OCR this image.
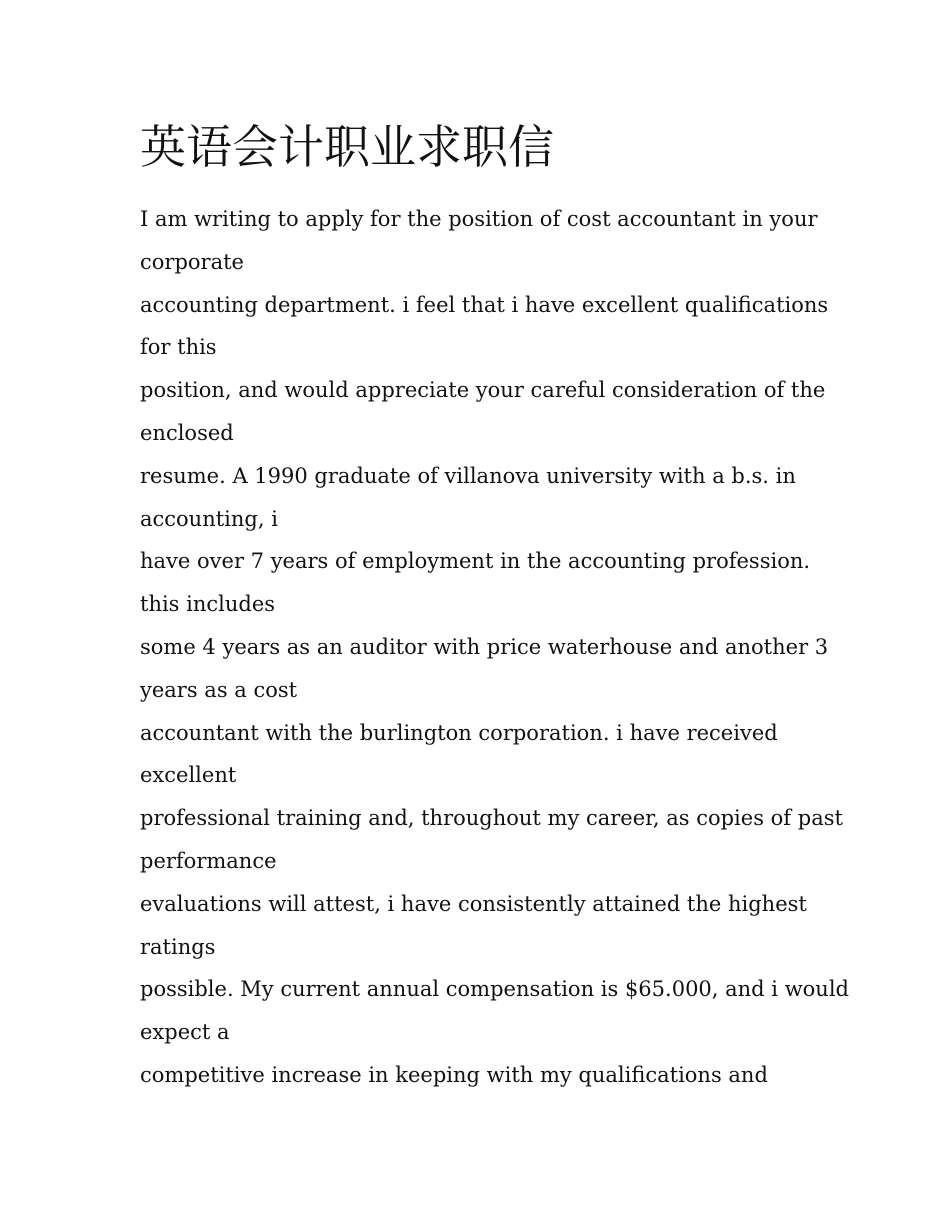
英语会计职业求职信
I am writing to apply for the position of cost accountant in your
corporate
accounting department. i feel that i have excellent qualifications
for this
position, and would appreciate your careful consideration of the
enclosed
resume. A 1990 graduate of villanova university with a b.s. in
accounting, i
have over 7 years of employment in the accounting profession.
this includes
some 4 years as an auditor with price waterhouse and another 3
years as a cost
accountant with the burlington corporation. i have received
excellent
professional training and, throughout my career, as copies of past
performance
evaluations will attest, i have consistently attained the highest
ratings
possible. My current annual compensation is $65.000, and i would
expect a
competitive increase in keeping with my qualifications and
